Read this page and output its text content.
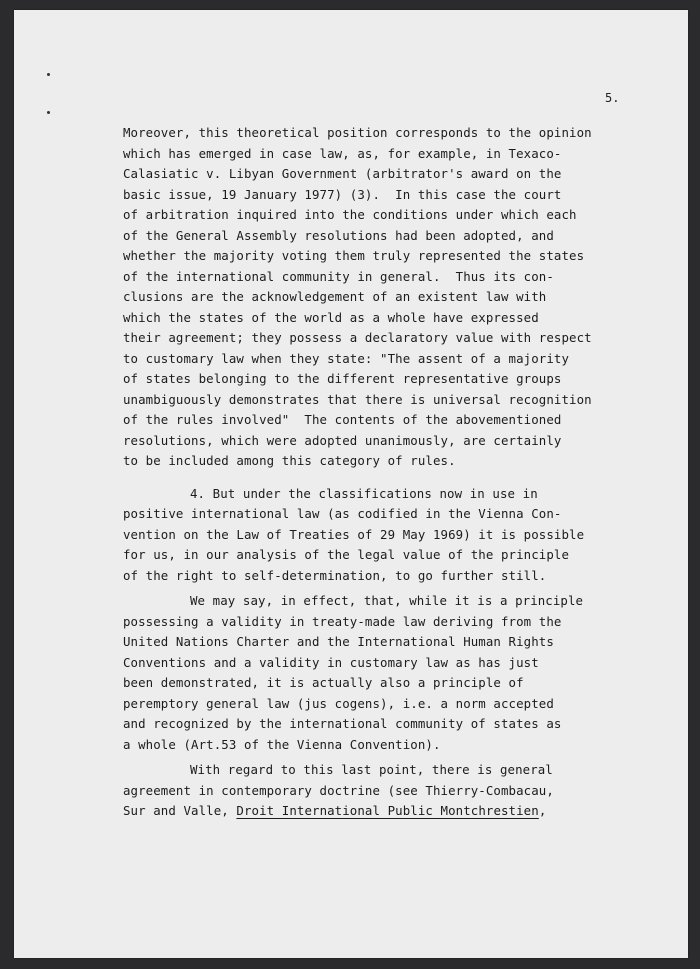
5.
Moreover, this theoretical position corresponds to the opinion
which has emerged in case law, as, for example, in Texaco-
Calasiatic v. Libyan Government (arbitrator's award on the
basic issue, 19 January 1977) (3).  In this case the court
of arbitration inquired into the conditions under which each
of the General Assembly resolutions had been adopted, and
whether the majority voting them truly represented the states
of the international community in general.  Thus its con-
clusions are the acknowledgement of an existent law with
which the states of the world as a whole have expressed
their agreement; they possess a declaratory value with respect
to customary law when they state: "The assent of a majority
of states belonging to the different representative groups
unambiguously demonstrates that there is universal recognition
of the rules involved"  The contents of the abovementioned
resolutions, which were adopted unanimously, are certainly
to be included among this category of rules.
4. But under the classifications now in use in
positive international law (as codified in the Vienna Con-
vention on the Law of Treaties of 29 May 1969) it is possible
for us, in our analysis of the legal value of the principle
of the right to self-determination, to go further still.
We may say, in effect, that, while it is a principle
possessing a validity in treaty-made law deriving from the
United Nations Charter and the International Human Rights
Conventions and a validity in customary law as has just
been demonstrated, it is actually also a principle of
peremptory general law (jus cogens), i.e. a norm accepted
and recognized by the international community of states as
a whole (Art.53 of the Vienna Convention).
With regard to this last point, there is general
agreement in contemporary doctrine (see Thierry-Combacau,
Sur and Valle, Droit International Public Montchrestien,
